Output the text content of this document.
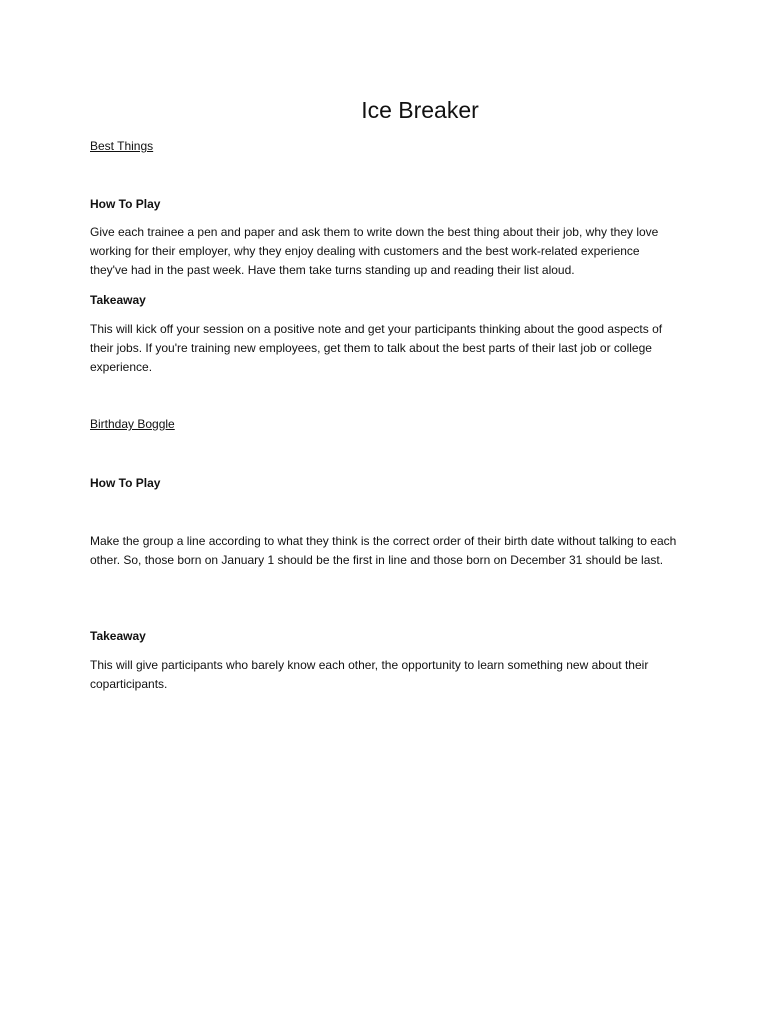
Ice Breaker
Best Things
How To Play

Give each trainee a pen and paper and ask them to write down the best thing about their job, why they love working for their employer, why they enjoy dealing with customers and the best work-related experience they've had in the past week. Have them take turns standing up and reading their list aloud.

Takeaway

This will kick off your session on a positive note and get your participants thinking about the good aspects of their jobs. If you're training new employees, get them to talk about the best parts of their last job or college experience.

Birthday Boggle
How To Play

Make the group a line according to what they think is the correct order of their birth date without talking to each other. So, those born on January 1 should be the first in line and those born on December 31 should be last.

Takeaway

This will give participants who barely know each other, the opportunity to learn something new about their coparticipants.
